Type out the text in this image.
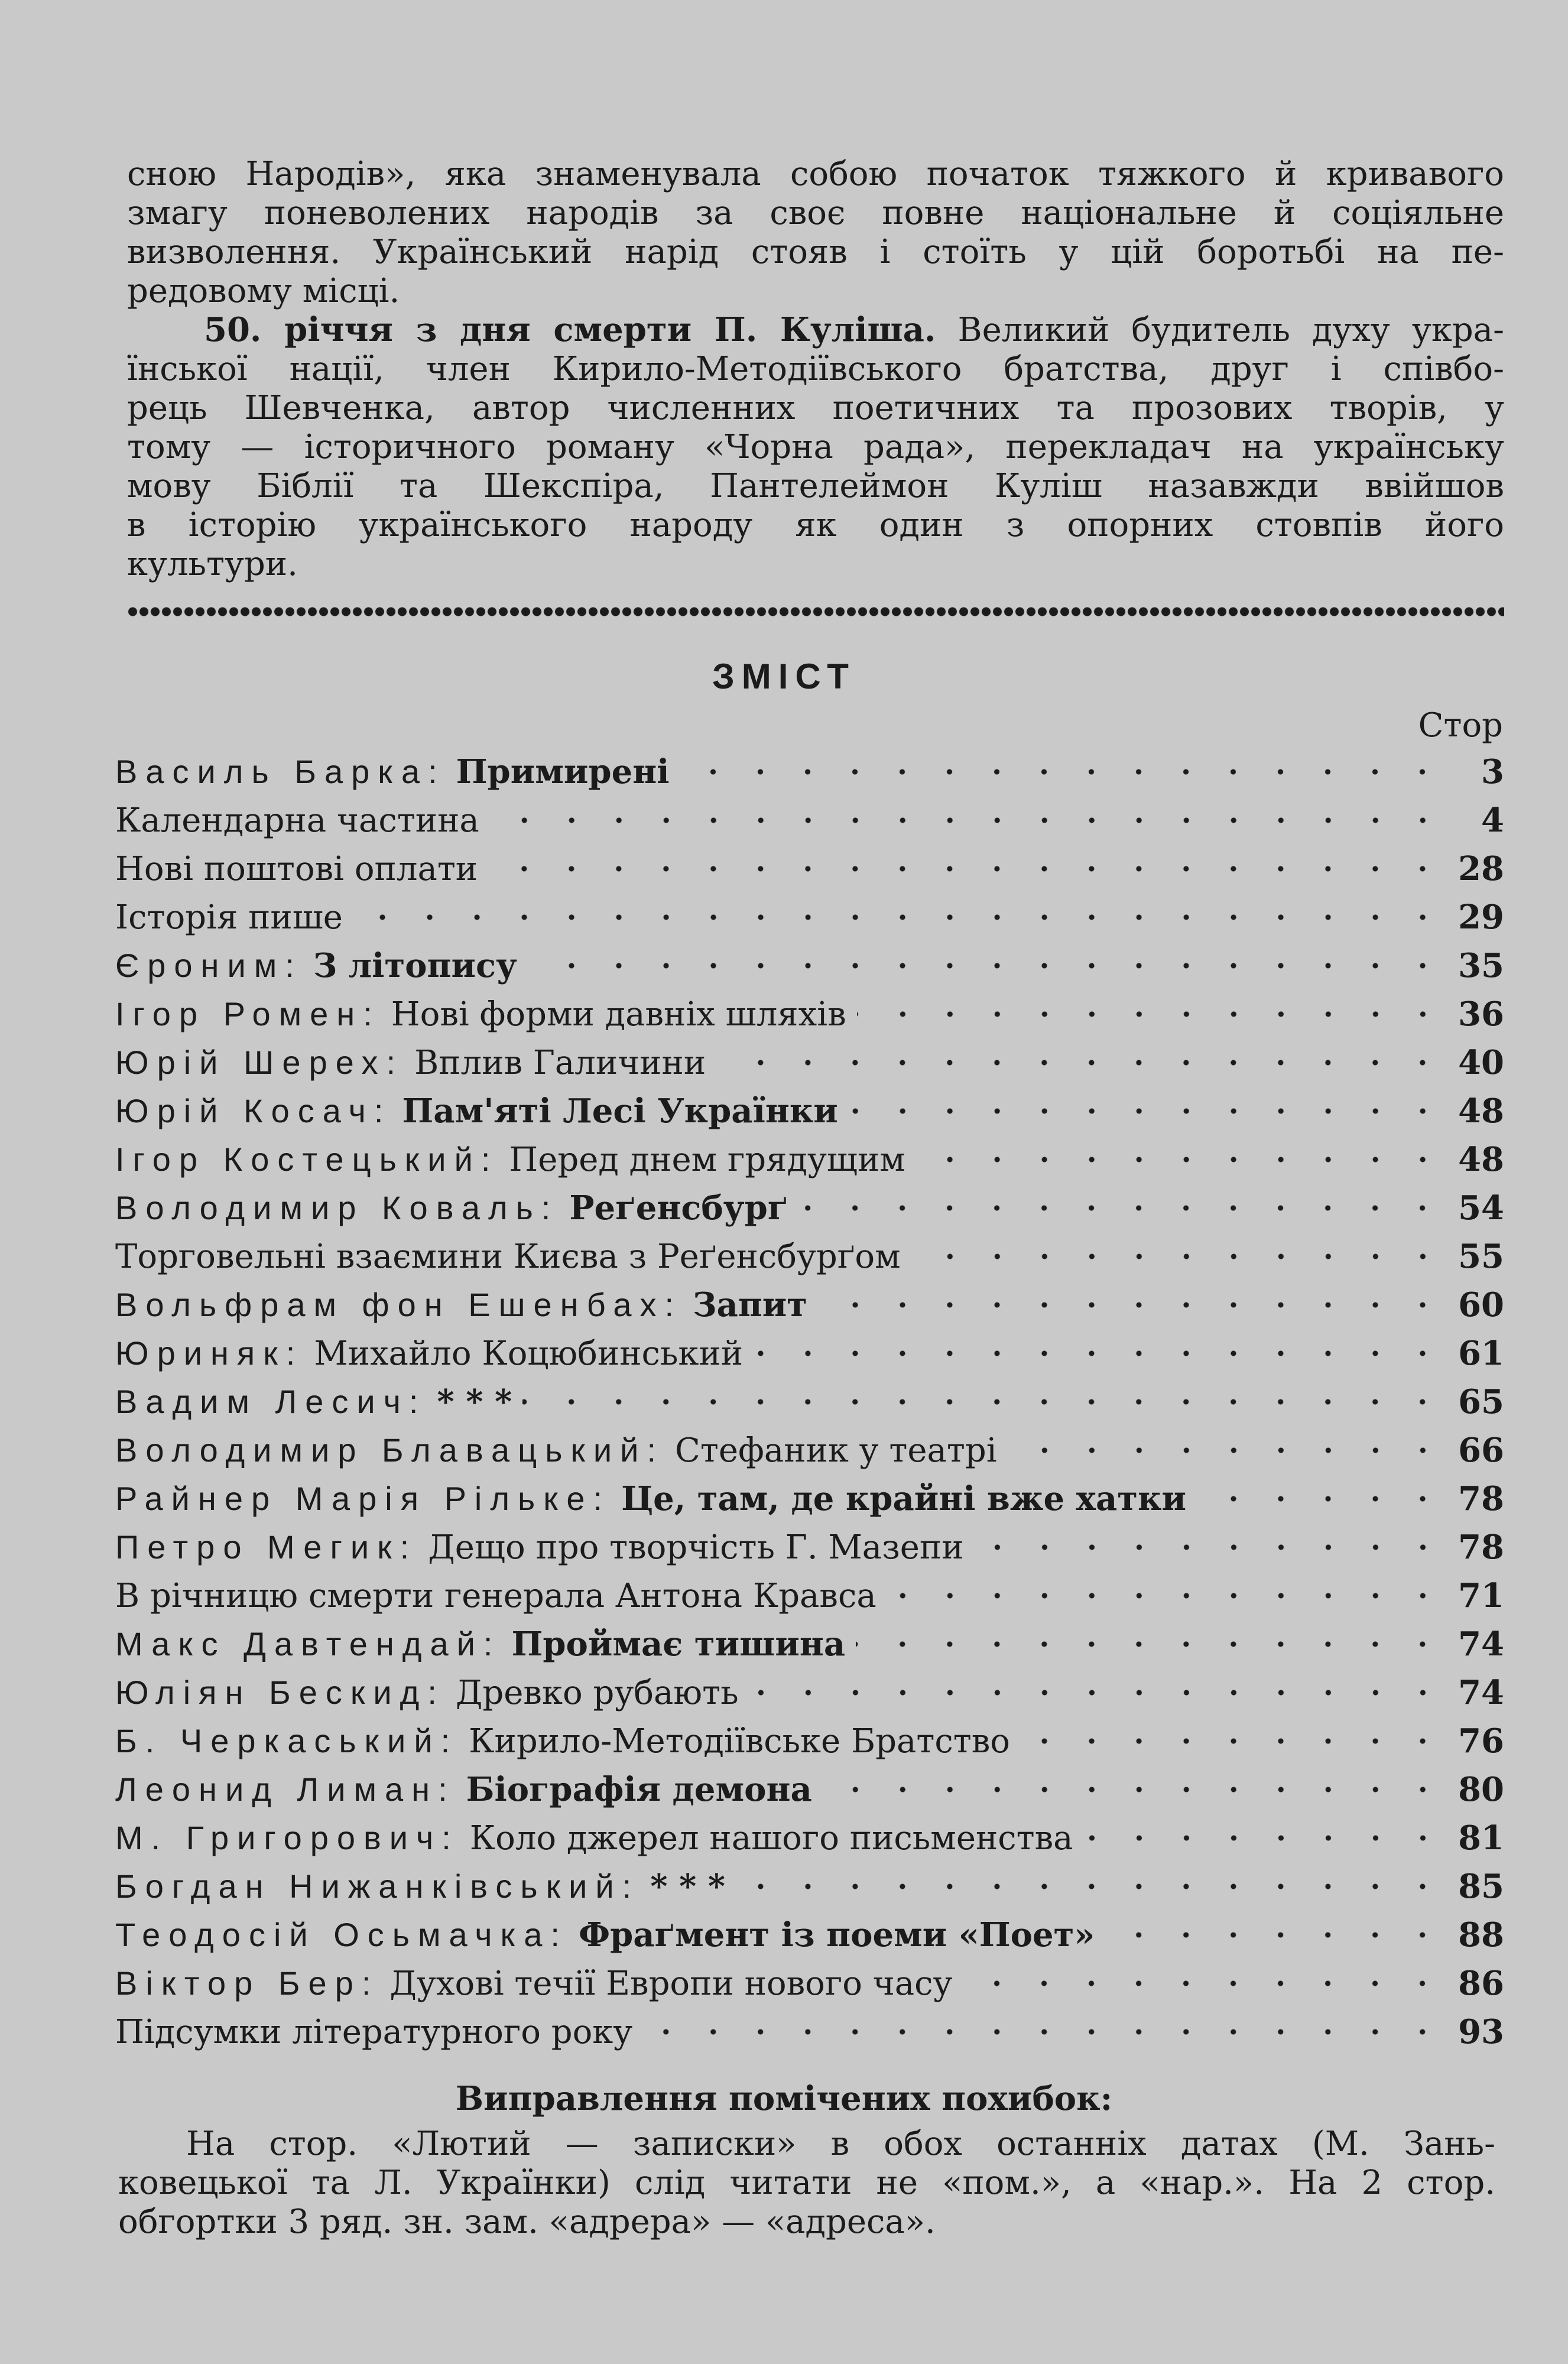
сною Народів», яка знаменувала собою початок тяжкого й кривавого
змагу поневолених народів за своє повне національне й соціяльне
визволення. Український нарід стояв і стоїть у цій боротьбі на пе-
редовому місці.
50. річчя з дня смерти П. Куліша. Великий будитель духу укра-
їнської нації, член Кирило-Методіївського братства, друг і співбо-
рець Шевченка, автор численних поетичних та прозових творів, у
тому — історичного роману «Чорна рада», перекладач на українську
мову Біблії та Шекспіра, Пантелеймон Куліш назавжди ввійшов
в історію українського народу як один з опорних стовпів його
культури.
ЗМІСТ
Стор
Василь Барка: Примирені	3
Календарна частина	4
Нові поштові оплати	28
Історія пише	29
Єроним: З літопису	35
Ігор Ромен: Нові форми давніх шляхів	36
Юрій Шерех: Вплив Галичини	40
Юрій Косач: Пам'яті Лесі Українки	48
Ігор Костецький: Перед днем грядущим	48
Володимир Коваль: Реґенсбурґ	54
Торговельні взаємини Києва з Реґенсбурґом	55
Вольфрам фон Ешенбах: Запит	60
Юриняк: Михайло Коцюбинський	61
Вадим Лесич: * * *	65
Володимир Блавацький: Стефаник у театрі	66
Райнер Марія Рільке: Це, там, де крайні вже хатки	78
Петро Мегик: Дещо про творчість Г. Мазепи	78
В річницю смерти генерала Антона Кравса	71
Макс Давтендай: Проймає тишина	74
Юліян Бескид: Древко рубають	74
Б. Черкаський: Кирило-Методіївське Братство	76
Леонид Лиман: Біографія демона	80
М. Григорович: Коло джерел нашого письменства	81
Богдан Нижанківський: * * *	85
Теодосій Осьмачка: Фраґмент із поеми «Поет»	88
Віктор Бер: Духові течії Европи нового часу	86
Підсумки літературного року	93
Виправлення помічених похибок:
На стор. «Лютий — записки» в обох останніх датах (М. Зань-
ковецької та Л. Українки) слід читати не «пом.», а «нар.». На 2 стор.
обгортки 3 ряд. зн. зам. «адрера» — «адреса».
